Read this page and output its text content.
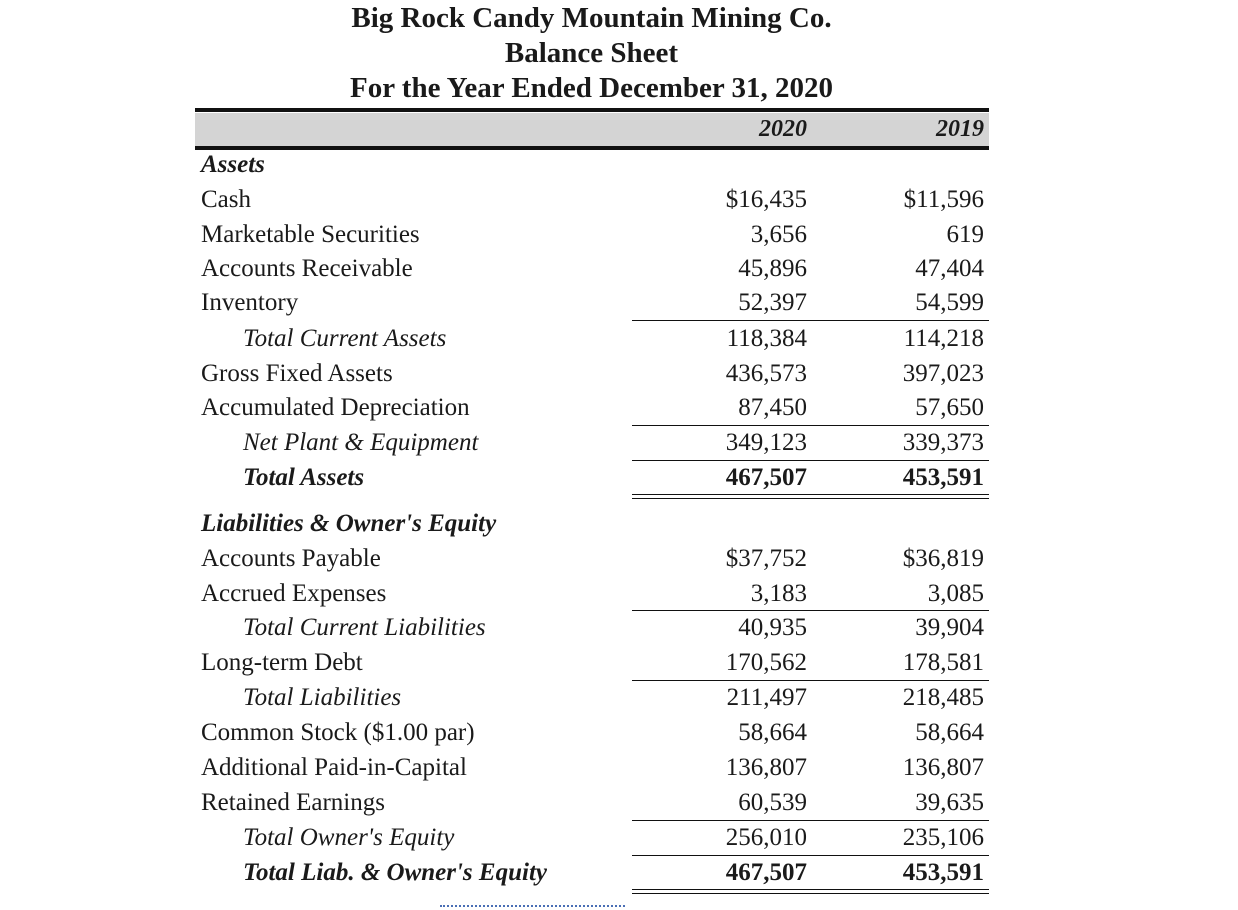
Big Rock Candy Mountain Mining Co.
Balance Sheet
For the Year Ended December 31, 2020
2020	2019
Assets
Cash	$16,435	$11,596
Marketable Securities	3,656	619
Accounts Receivable	45,896	47,404
Inventory	52,397	54,599
Total Current Assets	118,384	114,218
Gross Fixed Assets	436,573	397,023
Accumulated Depreciation	87,450	57,650
Net Plant & Equipment	349,123	339,373
Total Assets	467,507	453,591
Liabilities & Owner's Equity
Accounts Payable	$37,752	$36,819
Accrued Expenses	3,183	3,085
Total Current Liabilities	40,935	39,904
Long-term Debt	170,562	178,581
Total Liabilities	211,497	218,485
Common Stock ($1.00 par)	58,664	58,664
Additional Paid-in-Capital	136,807	136,807
Retained Earnings	60,539	39,635
Total Owner's Equity	256,010	235,106
Total Liab. & Owner's Equity	467,507	453,591
